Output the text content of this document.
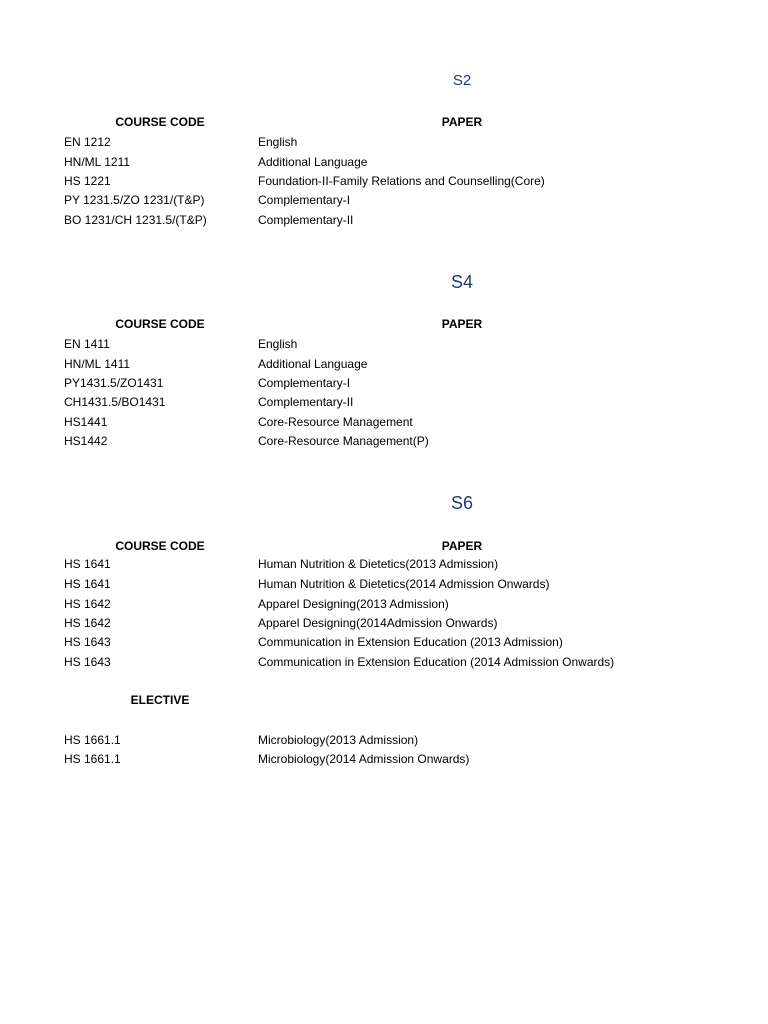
S2
COURSE CODE	PAPER
EN 1212	English
HN/ML 1211	Additional Language
HS 1221	Foundation-II-Family Relations and Counselling(Core)
PY 1231.5/ZO 1231/(T&P)	Complementary-I
BO 1231/CH 1231.5/(T&P)	Complementary-II
S4
COURSE CODE	PAPER
EN 1411	English
HN/ML 1411	Additional Language
PY1431.5/ZO1431	Complementary-I
CH1431.5/BO1431	Complementary-II
HS1441	Core-Resource Management
HS1442	Core-Resource Management(P)
S6
COURSE CODE	PAPER
HS 1641	Human Nutrition & Dietetics(2013 Admission)
HS 1641	Human Nutrition & Dietetics(2014 Admission Onwards)
HS 1642	Apparel Designing(2013 Admission)
HS 1642	Apparel Designing(2014Admission Onwards)
HS 1643	Communication in Extension Education (2013 Admission)
HS 1643	Communication in Extension Education (2014 Admission Onwards)
ELECTIVE
HS 1661.1	Microbiology(2013 Admission)
HS 1661.1	Microbiology(2014 Admission Onwards)
